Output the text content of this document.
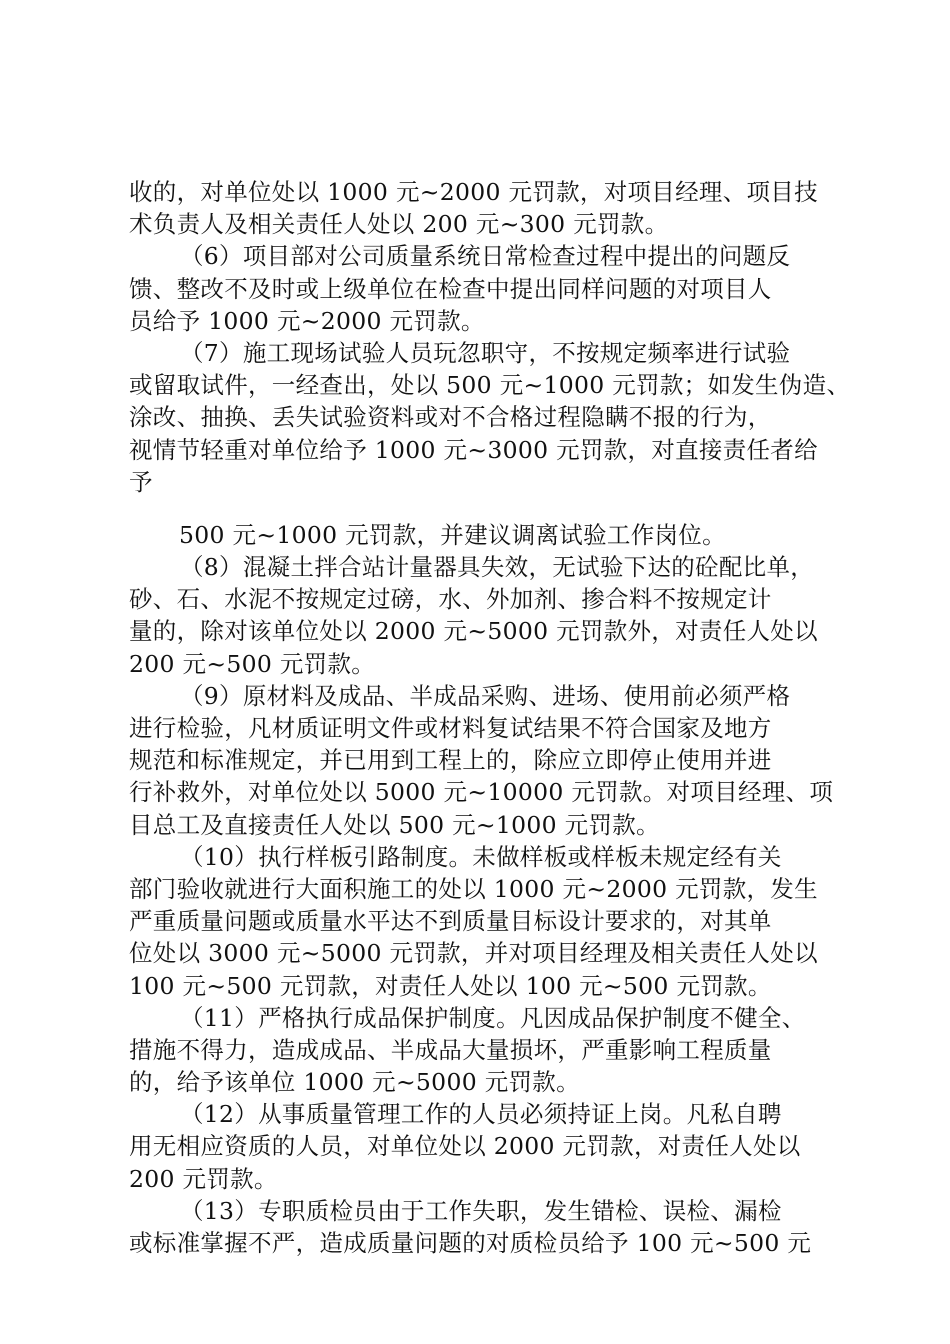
收的，对单位处以 1000 元~2000 元罚款，对项目经理、项目技
术负责人及相关责任人处以 200 元~300 元罚款。
（6）项目部对公司质量系统日常检查过程中提出的问题反
馈、整改不及时或上级单位在检查中提出同样问题的对项目人
员给予 1000 元~2000 元罚款。
（7）施工现场试验人员玩忽职守，不按规定频率进行试验
或留取试件，一经查出，处以 500 元~1000 元罚款；如发生伪造、
涂改、抽换、丢失试验资料或对不合格过程隐瞒不报的行为，
视情节轻重对单位给予 1000 元~3000 元罚款，对直接责任者给
予
500 元~1000 元罚款，并建议调离试验工作岗位。
（8）混凝土拌合站计量器具失效，无试验下达的砼配比单，
砂、石、水泥不按规定过磅，水、外加剂、掺合料不按规定计
量的，除对该单位处以 2000 元~5000 元罚款外，对责任人处以
200 元~500 元罚款。
（9）原材料及成品、半成品采购、进场、使用前必须严格
进行检验，凡材质证明文件或材料复试结果不符合国家及地方
规范和标准规定，并已用到工程上的，除应立即停止使用并进
行补救外，对单位处以 5000 元~10000 元罚款。对项目经理、项
目总工及直接责任人处以 500 元~1000 元罚款。
（10）执行样板引路制度。未做样板或样板未规定经有关
部门验收就进行大面积施工的处以 1000 元~2000 元罚款，发生
严重质量问题或质量水平达不到质量目标设计要求的，对其单
位处以 3000 元~5000 元罚款，并对项目经理及相关责任人处以
100 元~500 元罚款，对责任人处以 100 元~500 元罚款。
（11）严格执行成品保护制度。凡因成品保护制度不健全、
措施不得力，造成成品、半成品大量损坏，严重影响工程质量
的，给予该单位 1000 元~5000 元罚款。
（12）从事质量管理工作的人员必须持证上岗。凡私自聘
用无相应资质的人员，对单位处以 2000 元罚款，对责任人处以
200 元罚款。
（13）专职质检员由于工作失职，发生错检、误检、漏检
或标准掌握不严，造成质量问题的对质检员给予 100 元~500 元
